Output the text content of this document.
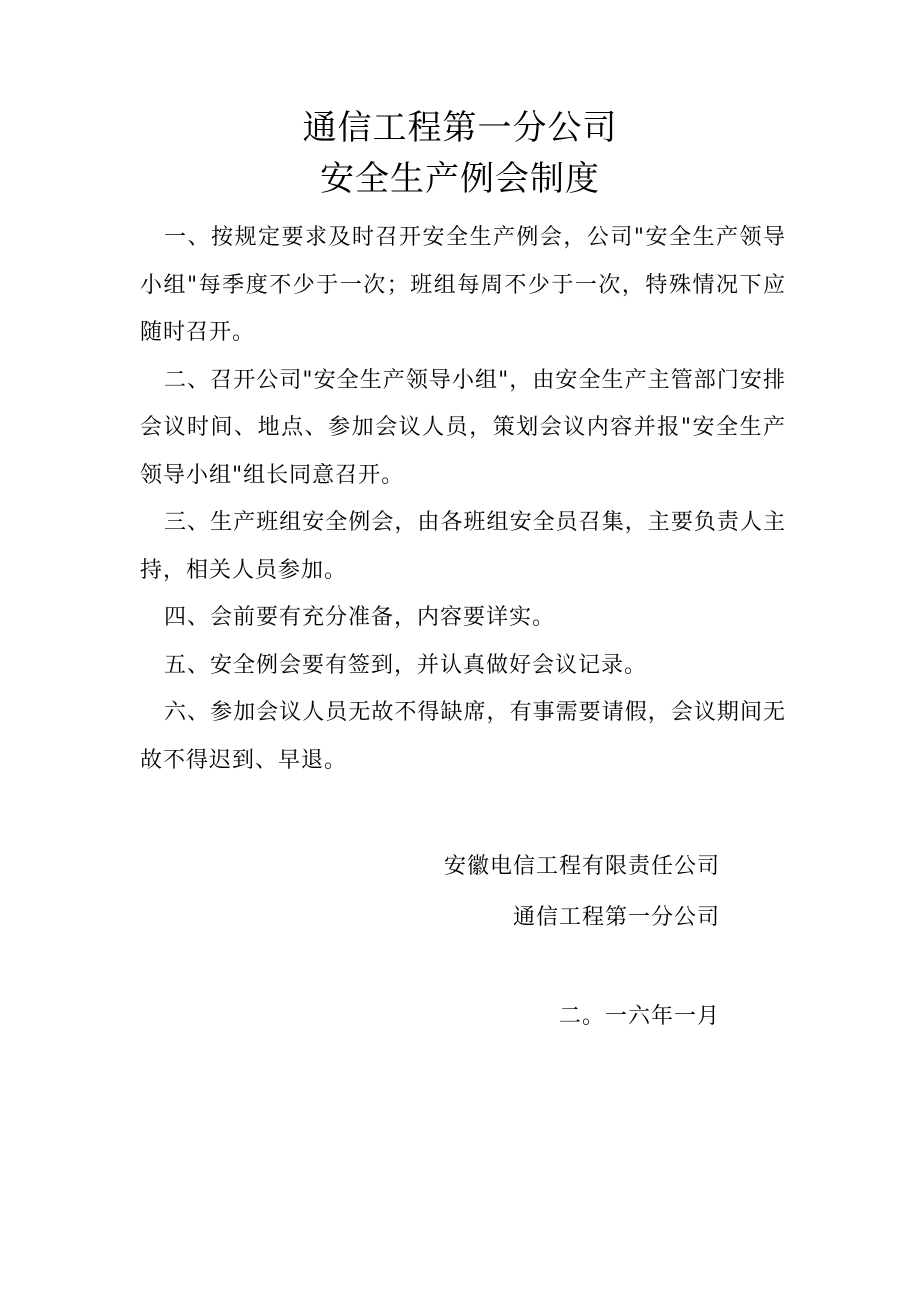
通信工程第一分公司
安全生产例会制度

一、按规定要求及时召开安全生产例会，公司"安全生产领导小组"每季度不少于一次；班组每周不少于一次，特殊情况下应随时召开。

二、召开公司"安全生产领导小组"，由安全生产主管部门安排会议时间、地点、参加会议人员，策划会议内容并报"安全生产领导小组"组长同意召开。

三、生产班组安全例会，由各班组安全员召集，主要负责人主持，相关人员参加。

四、会前要有充分准备，内容要详实。

五、安全例会要有签到，并认真做好会议记录。

六、参加会议人员无故不得缺席，有事需要请假，会议期间无故不得迟到、早退。

安徽电信工程有限责任公司
通信工程第一分公司
二。一六年一月
